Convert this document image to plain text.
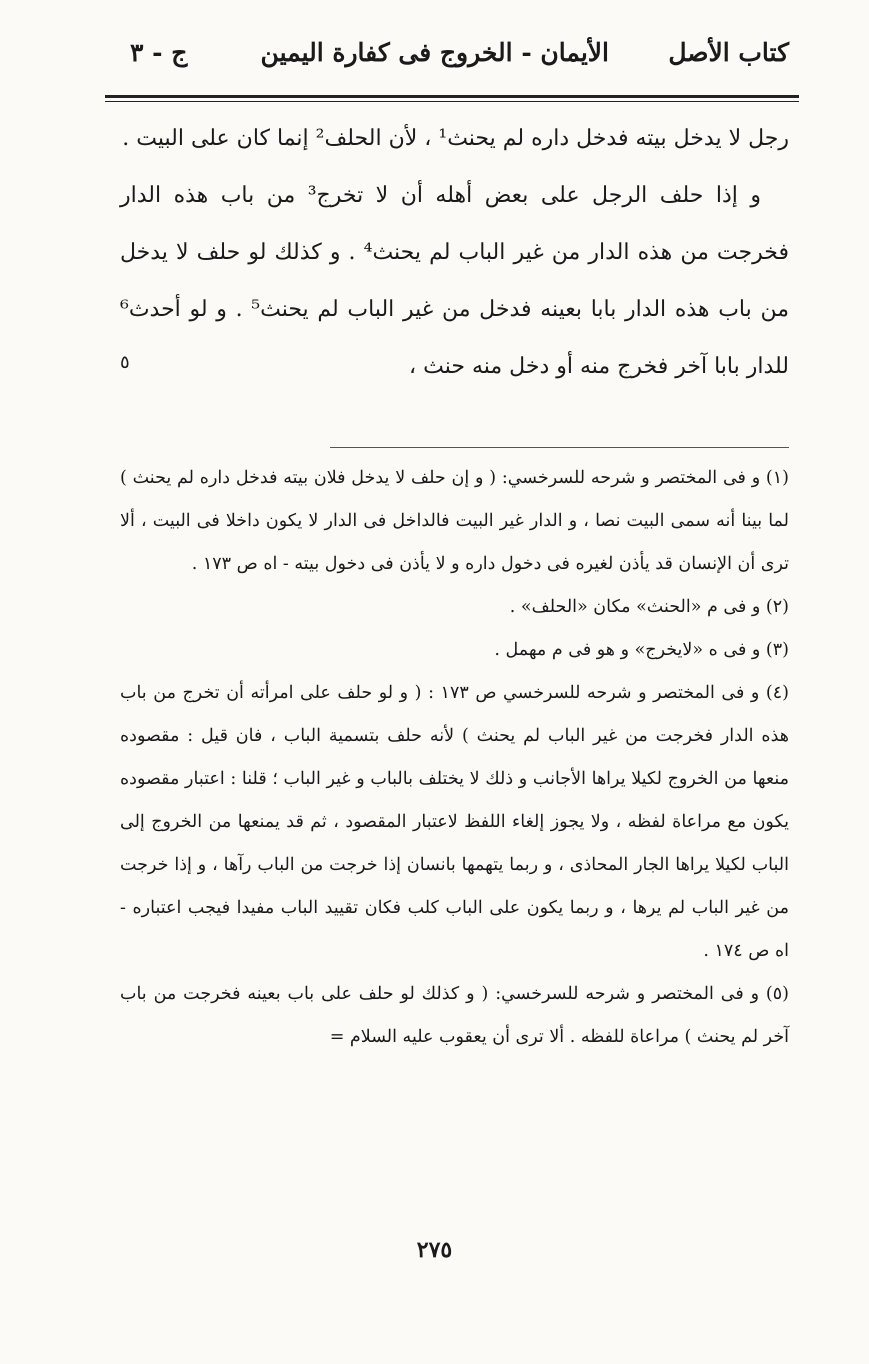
كتاب الأصل
الأيمان - الخروج فى كفارة اليمين
ج - ٣

رجل لا يدخل بيته فدخل داره لم يحنث¹ ، لأن الحلف² إنما كان على البيت .

و إذا حلف الرجل على بعض أهله أن لا تخرج³ من باب هذه الدار فخرجت من هذه الدار من غير الباب لم يحنث⁴ . و كذلك لو حلف لا يدخل من باب هذه الدار بابا بعينه فدخل من غير الباب لم يحنث⁵ . و لو أحدث⁶ للدار بابا آخر فخرج منه أو دخل منه حنث ،

٥

(١) و فى المختصر و شرحه للسرخسي: ( و إن حلف لا يدخل فلان بيته فدخل داره لم يحنث ) لما بينا أنه سمى البيت نصا ، و الدار غير البيت فالداخل فى الدار لا يكون داخلا فى البيت ، ألا ترى أن الإنسان قد يأذن لغيره فى دخول داره و لا يأذن فى دخول بيته - اه ص ١٧٣ .

(٢) و فى م «الحنث» مكان «الحلف» .

(٣) و فى ه «لايخرج» و هو فى م مهمل .

(٤) و فى المختصر و شرحه للسرخسي ص ١٧٣ : ( و لو حلف على امرأته أن تخرج من باب هذه الدار فخرجت من غير الباب لم يحنث ) لأنه حلف بتسمية الباب ، فان قيل : مقصوده منعها من الخروج لكيلا يراها الأجانب و ذلك لا يختلف بالباب و غير الباب ؛ قلنا : اعتبار مقصوده يكون مع مراعاة لفظه ، ولا يجوز إلغاء اللفظ لاعتبار المقصود ، ثم قد يمنعها من الخروج إلى الباب لكيلا يراها الجار المحاذى ، و ربما يتهمها بانسان إذا خرجت من الباب رآها ، و إذا خرجت من غير الباب لم يرها ، و ربما يكون على الباب كلب فكان تقييد الباب مفيدا فيجب اعتباره - اه ص ١٧٤ .

(٥) و فى المختصر و شرحه للسرخسي: ( و كذلك لو حلف على باب بعينه فخرجت من باب آخر لم يحنث ) مراعاة للفظه . ألا ترى أن يعقوب عليه السلام =

٢٧٥
